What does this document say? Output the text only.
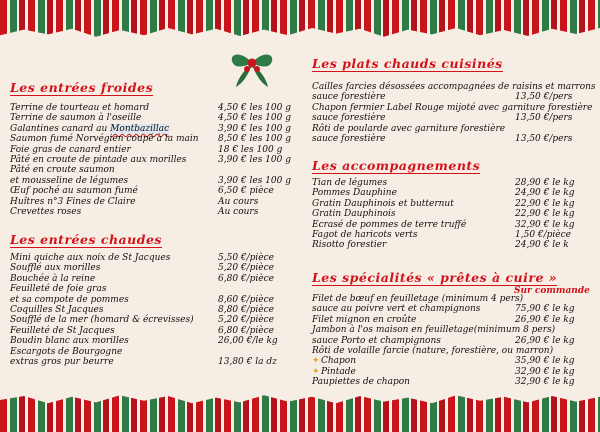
Les entrées froides
Les entrées chaudes
Les plats chauds cuisinés
Les accompagnements
Les spécialités « prêtes à cuire »
Sur commande
Terrine de tourteau et homard	4,50 € les 100 g
Terrine de saumon à l'oseille	4,50 € les 100 g
Galantines canard au Montbazillac	3,90 € les 100 g
Saumon fumé Norvégien coupé à la main 8,50 € les 100 g
Foie gras de canard entier	18 € les 100 g
Pâté en croute de pintade aux morilles	3,90 € les 100 g
Pâté en croute saumon
et mousseline de légumes	3,90 € les 100 g
Œuf poché au saumon fumé	6,50 € pièce
Huîtres n°3 Fines de Claire	Au cours
Crevettes roses	Au cours
Mini quiche aux noix de St Jacques	5,50 €/pièce
Soufflé aux morilles	5,20 €/pièce
Bouchée à la reine	6,80 €/pièce
Feuilleté de foie gras
et sa compote de pommes	8,60 €/pièce
Coquilles St Jacques	8,80 €/pièce
Soufflé de la mer (homard & écrevisses)	5,20 €/pièce
Feuilleté de St Jacques	6,80 €/pièce
Boudin blanc aux morilles	26,00 €/le kg
Escargots de Bourgogne
extras gros pur beurre	13,80 € la dz
Cailles farcies désossées accompagnées de raisins et marrons
sauce forestière	13,50 €/pers
Chapon fermier Label Rouge mijoté avec garniture forestière
sauce forestière	13,50 €/pers
Rôti de poularde avec garniture forestière
sauce forestière	13,50 €/pers
Tian de légumes	28,90 € le kg
Pommes Dauphine	24,90 € le kg
Gratin Dauphinois et butternut	22,90 € le kg
Gratin Dauphinois	22,90 € le kg
Ecrasé de pommes de terre truffé	32,90 € le kg
Fagot de haricots verts	1,50 €/pièce
Risotto forestier	24,90 € le k
Filet de bœuf en feuilletage (minimum 4 pers)
sauce au poivre vert et champignons	75,90 € le kg
Filet mignon en croûte	26,90 € le kg
Jambon à l'os maison en feuilletage(minimum 8 pers)
sauce Porto et champignons	26,90 € le kg
Rôti de volaille farcie (nature, forestière, ou marron)
✦Chapon	35,90 € le kg
✦Pintade	32,90 € le kg
Paupiettes de chapon	32,90 € le kg
